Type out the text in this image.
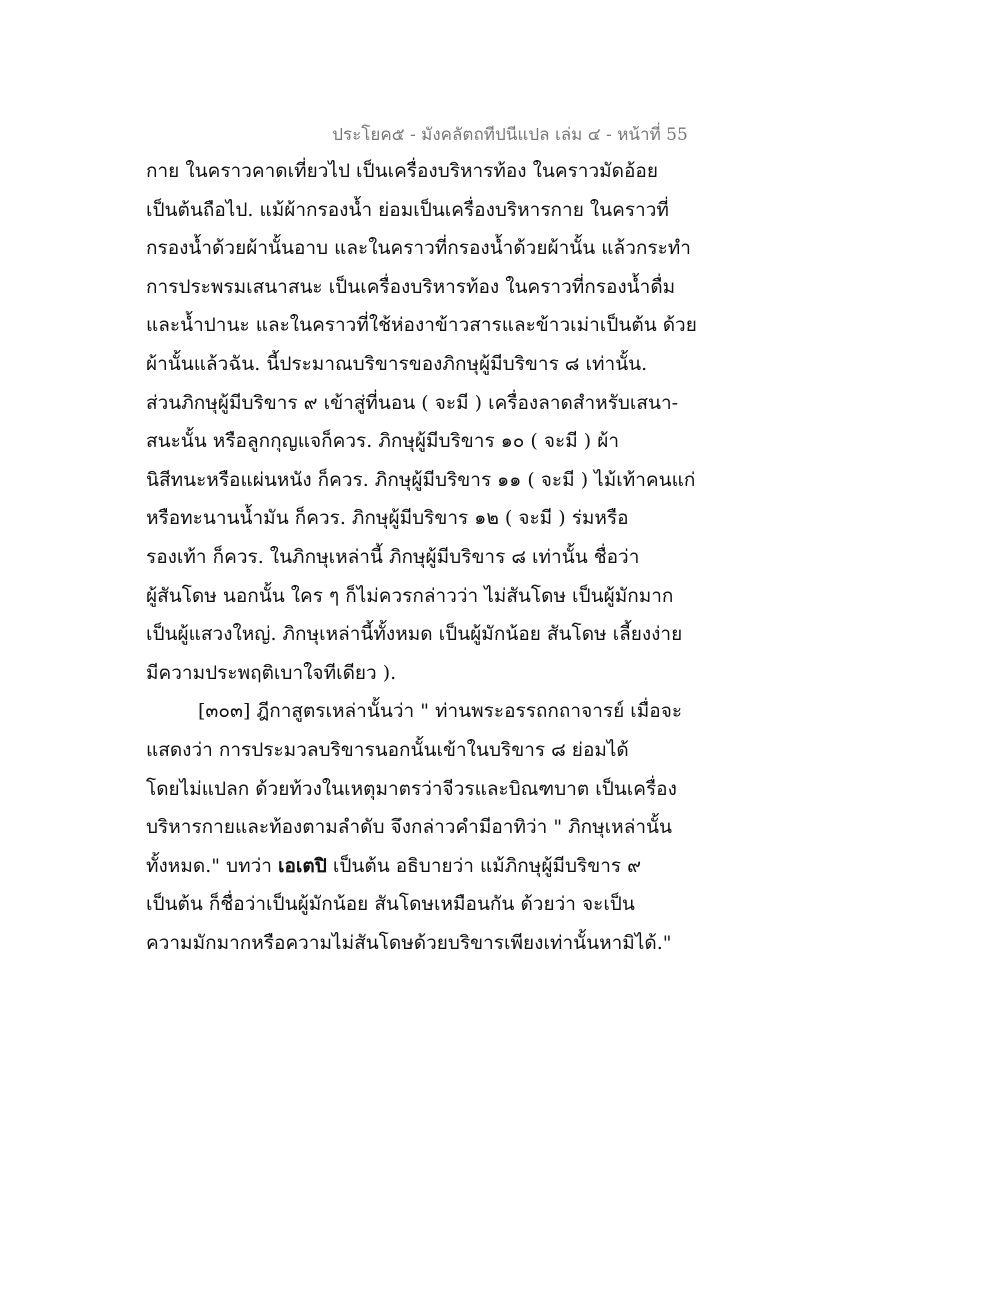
ประโยค๕ - มังคลัตถทีปนีแปล เล่ม ๔ - หน้าที่ 55
กาย ในคราวคาดเที่ยวไป เป็นเครื่องบริหารท้อง ในคราวมัดอ้อย
เป็นต้นถือไป. แม้ผ้ากรองน้ำ ย่อมเป็นเครื่องบริหารกาย ในคราวที่
กรองน้ำด้วยผ้านั้นอาบ และในคราวที่กรองน้ำด้วยผ้านั้น แล้วกระทำ
การประพรมเสนาสนะ เป็นเครื่องบริหารท้อง ในคราวที่กรองน้ำดื่ม
และน้ำปานะ และในคราวที่ใช้ห่องาข้าวสารและข้าวเม่าเป็นต้น ด้วย
ผ้านั้นแล้วฉัน. นี้ประมาณบริขารของภิกษุผู้มีบริขาร ๘ เท่านั้น.
ส่วนภิกษุผู้มีบริขาร ๙ เข้าสู่ที่นอน ( จะมี ) เครื่องลาดสำหรับเสนา-
สนะนั้น หรือลูกกุญแจก็ควร. ภิกษุผู้มีบริขาร ๑๐ ( จะมี ) ผ้า
นิสีทนะหรือแผ่นหนัง ก็ควร. ภิกษุผู้มีบริขาร ๑๑ ( จะมี ) ไม้เท้าคนแก่
หรือทะนานน้ำมัน ก็ควร. ภิกษุผู้มีบริขาร ๑๒ ( จะมี ) ร่มหรือ
รองเท้า ก็ควร. ในภิกษุเหล่านี้ ภิกษุผู้มีบริขาร ๘ เท่านั้น ชื่อว่า
ผู้สันโดษ นอกนั้น ใคร ๆ ก็ไม่ควรกล่าวว่า ไม่สันโดษ เป็นผู้มักมาก
เป็นผู้แสวงใหญ่. ภิกษุเหล่านี้ทั้งหมด เป็นผู้มักน้อย สันโดษ เลี้ยงง่าย
มีความประพฤติเบาใจทีเดียว ).
[๓๐๓] ฎีกาสูตรเหล่านั้นว่า " ท่านพระอรรถกถาจารย์ เมื่อจะ
แสดงว่า การประมวลบริขารนอกนั้นเข้าในบริขาร ๘ ย่อมได้
โดยไม่แปลก ด้วยท้วงในเหตุมาตรว่าจีวรและบิณฑบาต เป็นเครื่อง
บริหารกายและท้องตามลำดับ จึงกล่าวคำมีอาทิว่า " ภิกษุเหล่านั้น
ทั้งหมด." บทว่า เอเตปิ เป็นต้น อธิบายว่า แม้ภิกษุผู้มีบริขาร ๙
เป็นต้น ก็ชื่อว่าเป็นผู้มักน้อย สันโดษเหมือนกัน ด้วยว่า จะเป็น
ความมักมากหรือความไม่สันโดษด้วยบริขารเพียงเท่านั้นหามิได้."
